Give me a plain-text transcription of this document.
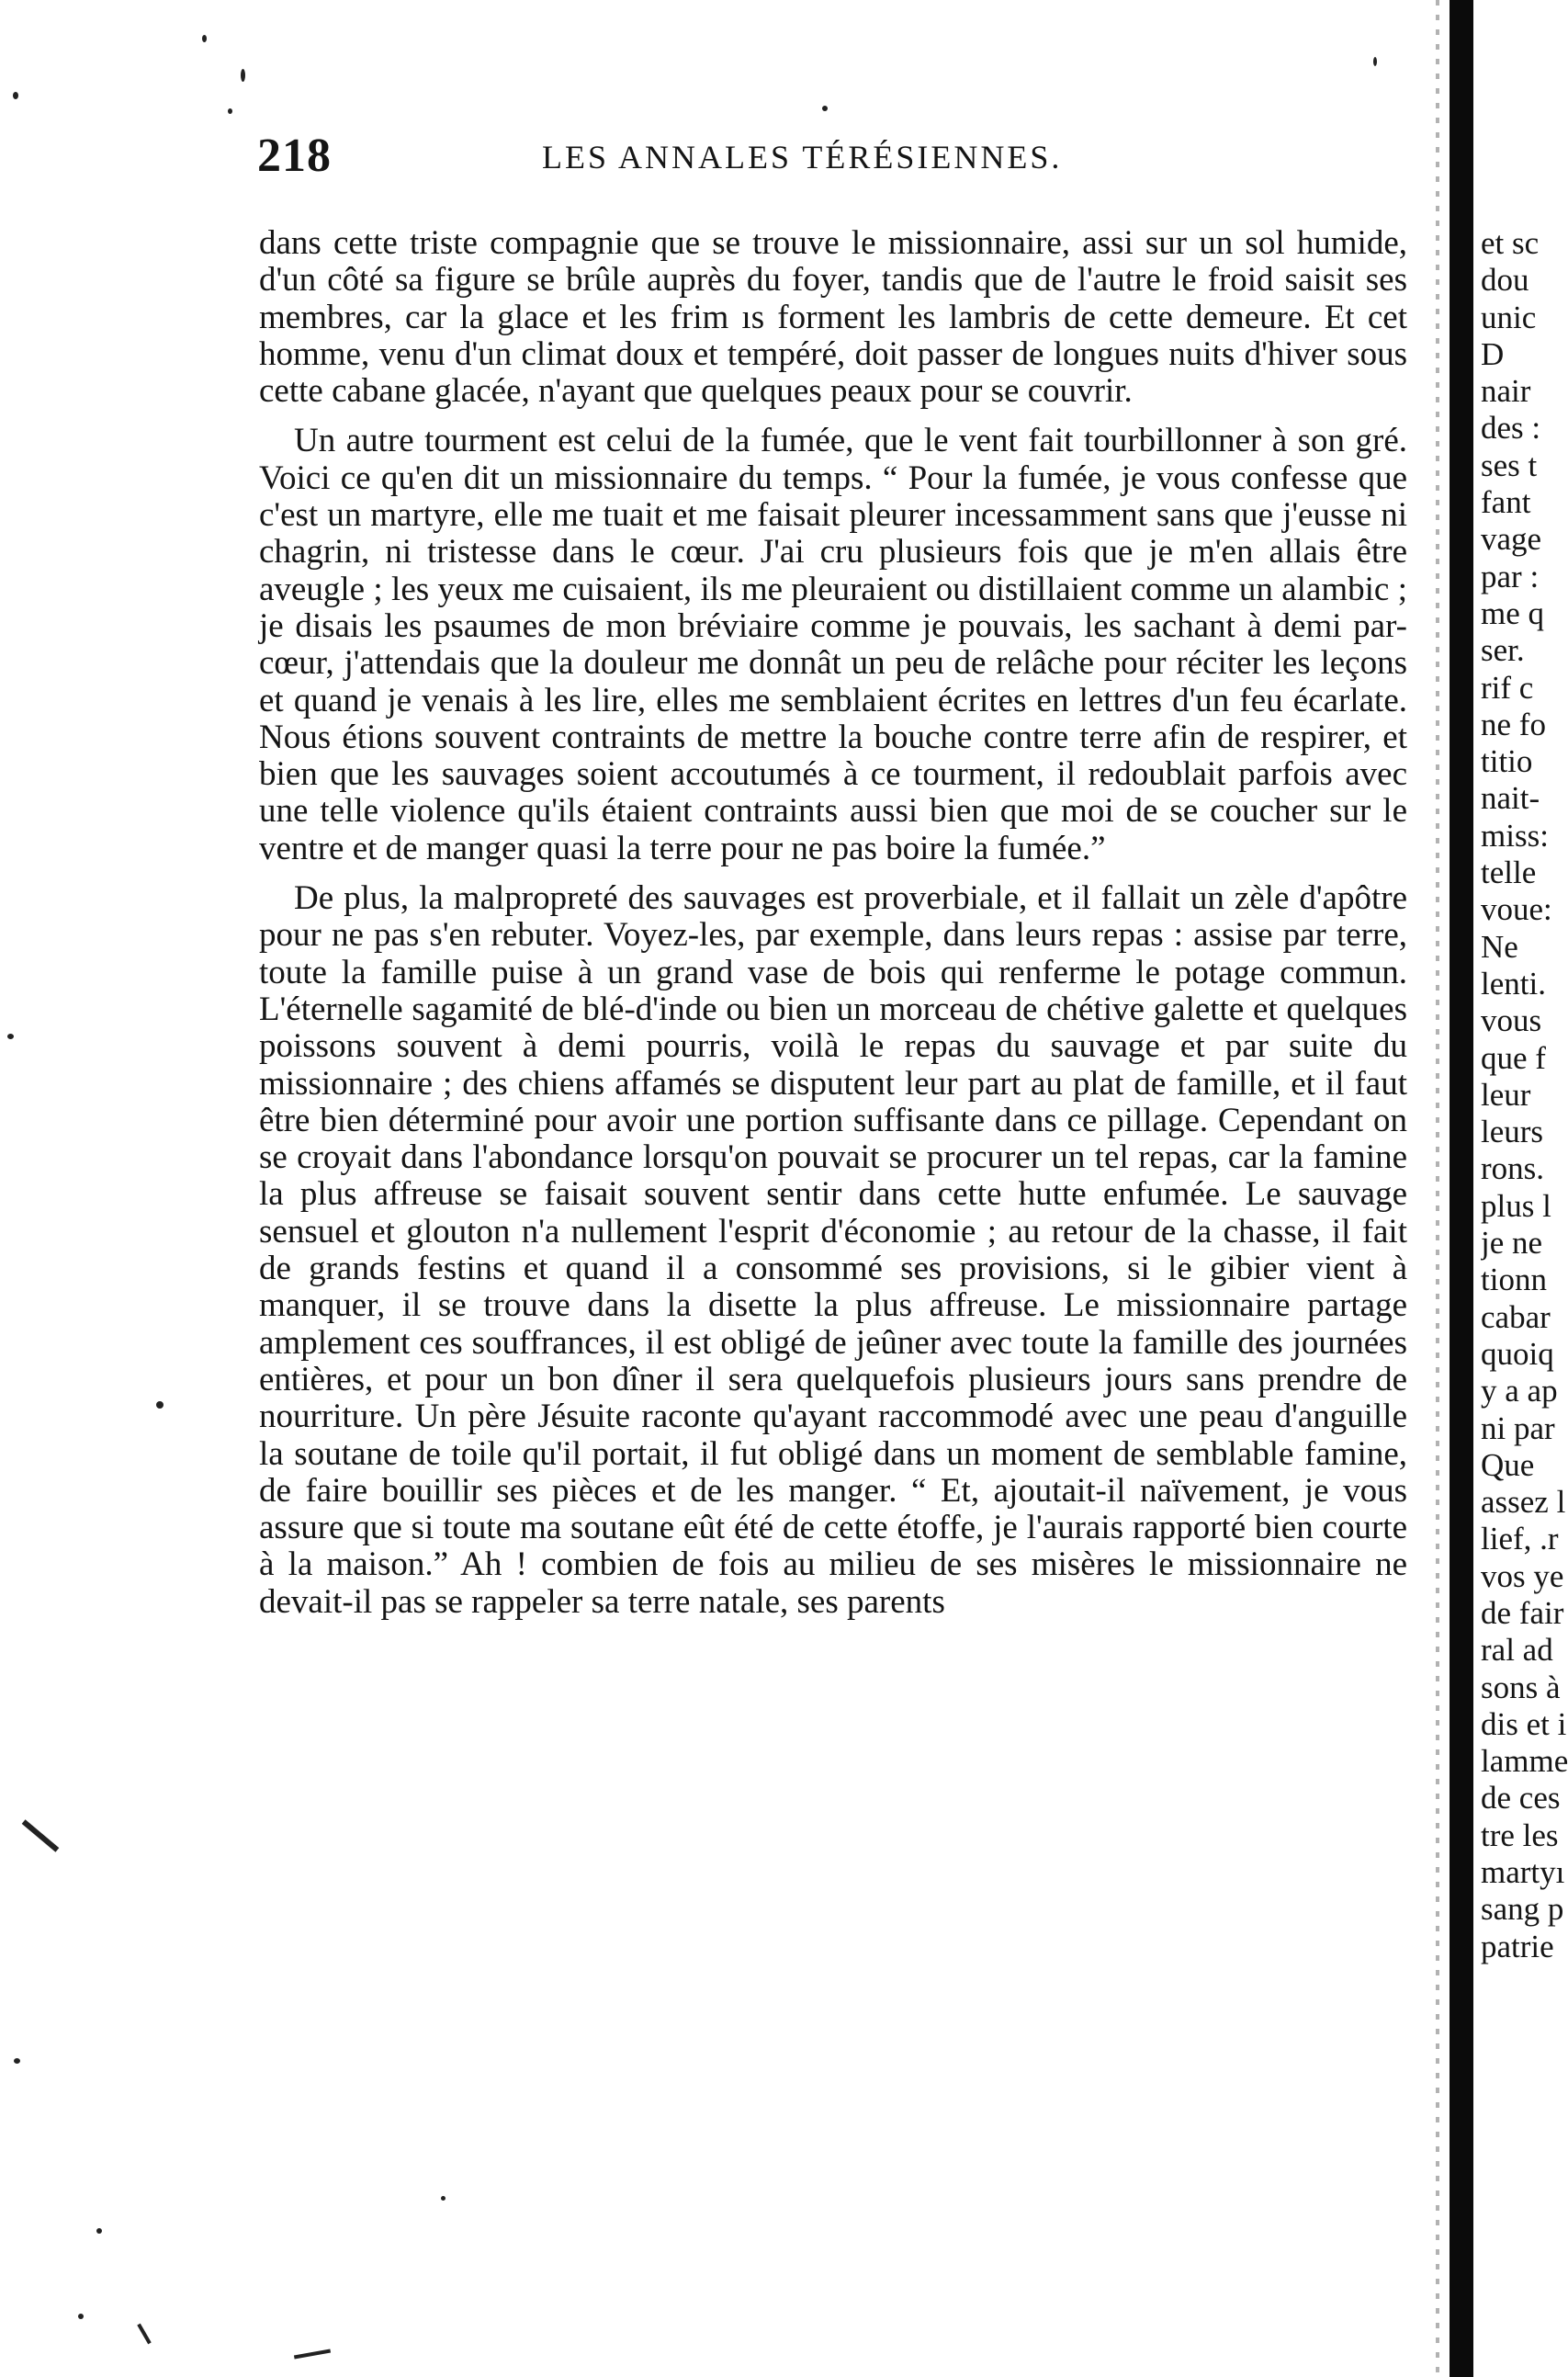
218	LES ANNALES TÉRÉSIENNES.

dans cette triste compagnie que se trouve le missionnaire, assi sur un sol humide, d'un côté sa figure se brûle auprès du foyer, tandis que de l'autre le froid saisit ses membres, car la glace et les frim ıs forment les lambris de cette demeure. Et cet homme, venu d'un climat doux et tempéré, doit passer de longues nuits d'hiver sous cette cabane glacée, n'ayant que quelques peaux pour se couvrir.

Un autre tourment est celui de la fumée, que le vent fait tourbillonner à son gré. Voici ce qu'en dit un missionnaire du temps. “ Pour la fumée, je vous confesse que c'est un martyre, elle me tuait et me faisait pleurer incessamment sans que j'eusse ni chagrin, ni tristesse dans le cœur. J'ai cru plusieurs fois que je m'en allais être aveugle ; les yeux me cuisaient, ils me pleuraient ou distillaient comme un alambic ; je disais les psaumes de mon bréviaire comme je pouvais, les sachant à demi par-cœur, j'attendais que la douleur me donnât un peu de relâche pour réciter les leçons et quand je venais à les lire, elles me semblaient écrites en lettres d'un feu écarlate. Nous étions souvent contraints de mettre la bouche contre terre afin de respirer, et bien que les sauvages soient accoutumés à ce tourment, il redoublait parfois avec une telle violence qu'ils étaient contraints aussi bien que moi de se coucher sur le ventre et de manger quasi la terre pour ne pas boire la fumée.”

De plus, la malpropreté des sauvages est proverbiale, et il fallait un zèle d'apôtre pour ne pas s'en rebuter. Voyez-les, par exemple, dans leurs repas : assise par terre, toute la famille puise à un grand vase de bois qui renferme le potage commun. L'éternelle sagamité de blé-d'inde ou bien un morceau de chétive galette et quelques poissons souvent à demi pourris, voilà le repas du sauvage et par suite du missionnaire ; des chiens affamés se disputent leur part au plat de famille, et il faut être bien déterminé pour avoir une portion suffisante dans ce pillage. Cependant on se croyait dans l'abondance lorsqu'on pouvait se procurer un tel repas, car la famine la plus affreuse se faisait souvent sentir dans cette hutte enfumée. Le sauvage sensuel et glouton n'a nullement l'esprit d'économie ; au retour de la chasse, il fait de grands festins et quand il a consommé ses provisions, si le gibier vient à manquer, il se trouve dans la disette la plus affreuse. Le missionnaire partage amplement ces souffrances, il est obligé de jeûner avec toute la famille des journées entières, et pour un bon dîner il sera quelquefois plusieurs jours sans prendre de nourriture. Un père Jésuite raconte qu'ayant raccommodé avec une peau d'anguille la soutane de toile qu'il portait, il fut obligé dans un moment de semblable famine, de faire bouillir ses pièces et de les manger. “ Et, ajoutait-il naïvement, je vous assure que si toute ma soutane eût été de cette étoffe, je l'aurais rapporté bien courte à la maison.” Ah ! combien de fois au milieu de ses misères le missionnaire ne devait-il pas se rappeler sa terre natale, ses parents

et sс
dou
uniс
D
nair
des :
ses t
fant
vage
par :
me q
ser.
rif c
ne fo
titio
nait-
miss:
telle
voue:
Ne
lenti.
vous
que f
leur
leurs
rons.
plus l
je ne
tionn
cabar
quoiq
y a ap
ni par
Que
assez l
lief, .r
vos ye
de fair
ral ad
sons à
dis et i
lamme
de ces
tre les
martyı
sang p
patrie
